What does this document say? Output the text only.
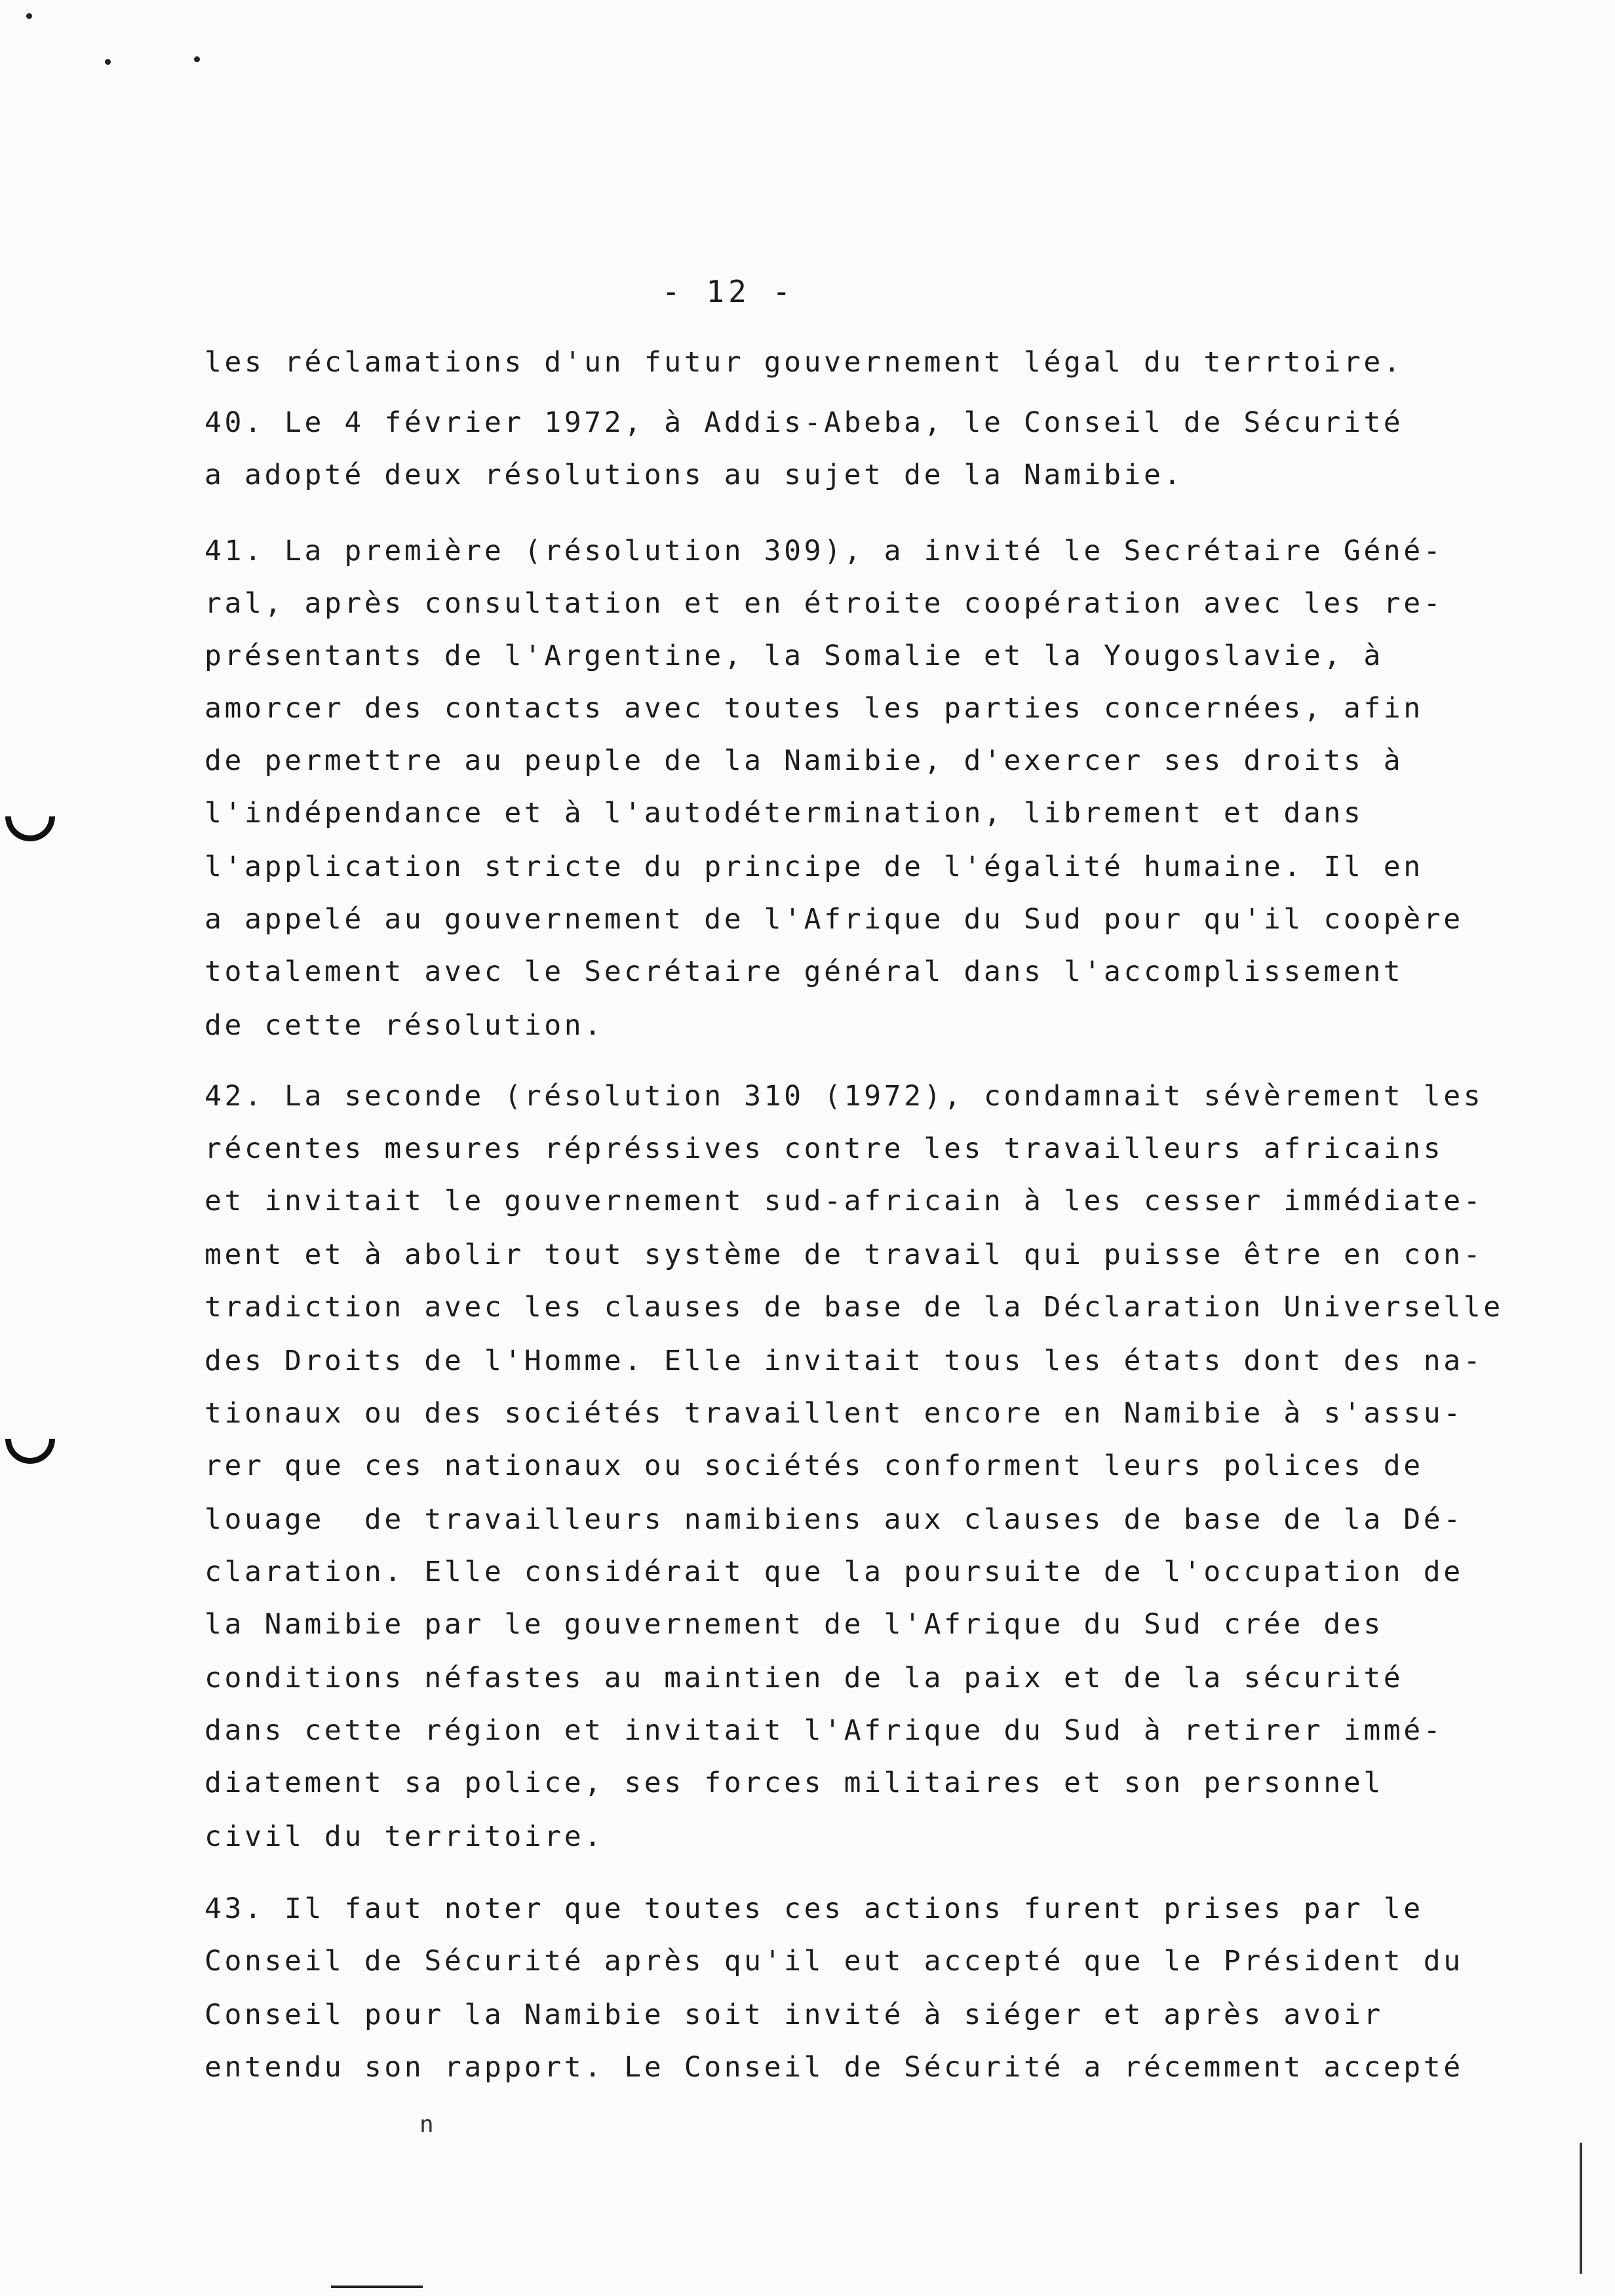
- 12 -
les réclamations d'un futur gouvernement légal du terrtoire.
40. Le 4 février 1972, à Addis-Abeba, le Conseil de Sécurité
a adopté deux résolutions au sujet de la Namibie.
41. La première (résolution 309), a invité le Secrétaire Géné-
ral, après consultation et en étroite coopération avec les re-
présentants de l'Argentine, la Somalie et la Yougoslavie, à
amorcer des contacts avec toutes les parties concernées, afin
de permettre au peuple de la Namibie, d'exercer ses droits à
l'indépendance et à l'autodétermination, librement et dans
l'application stricte du principe de l'égalité humaine. Il en
a appelé au gouvernement de l'Afrique du Sud pour qu'il coopère
totalement avec le Secrétaire général dans l'accomplissement
de cette résolution.
42. La seconde (résolution 310 (1972), condamnait sévèrement les
récentes mesures répréssives contre les travailleurs africains
et invitait le gouvernement sud-africain à les cesser immédiate-
ment et à abolir tout système de travail qui puisse être en con-
tradiction avec les clauses de base de la Déclaration Universelle
des Droits de l'Homme. Elle invitait tous les états dont des na-
tionaux ou des sociétés travaillent encore en Namibie à s'assu-
rer que ces nationaux ou sociétés conforment leurs polices de
louage  de travailleurs namibiens aux clauses de base de la Dé-
claration. Elle considérait que la poursuite de l'occupation de
la Namibie par le gouvernement de l'Afrique du Sud crée des
conditions néfastes au maintien de la paix et de la sécurité
dans cette région et invitait l'Afrique du Sud à retirer immé-
diatement sa police, ses forces militaires et son personnel
civil du territoire.
43. Il faut noter que toutes ces actions furent prises par le
Conseil de Sécurité après qu'il eut accepté que le Président du
Conseil pour la Namibie soit invité à siéger et après avoir
entendu son rapport. Le Conseil de Sécurité a récemment accepté
n
